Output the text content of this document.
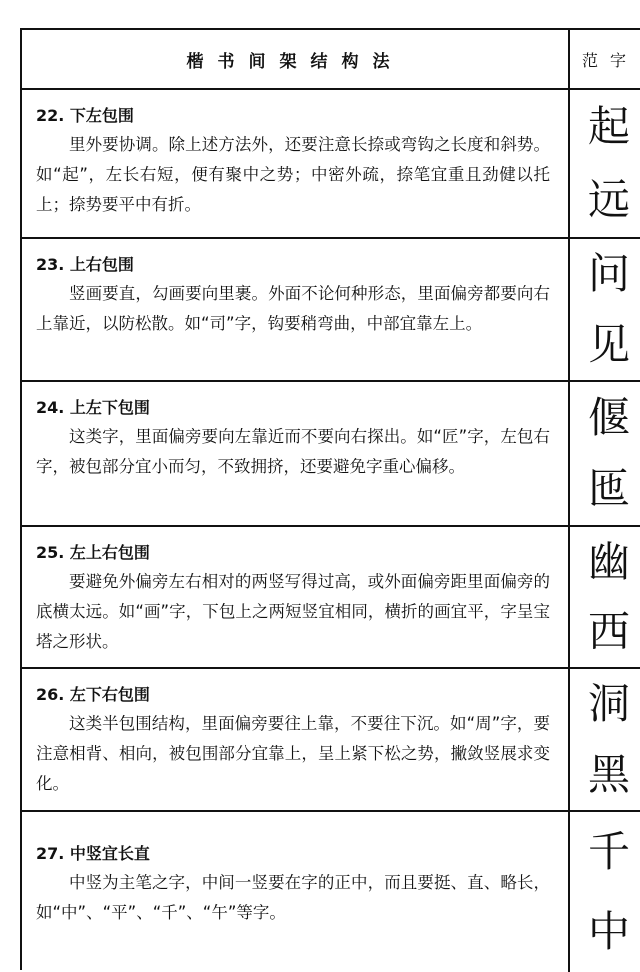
楷书间架结构法	范字
22. 下左包围
里外要协调。除上述方法外，还要注意长捺或弯钩之长度和斜势。如“起”，左长右短，便有聚中之势；中密外疏，捺笔宜重且劲健以托上；捺势要平中有折。
起
远
23. 上右包围
竖画要直，勾画要向里裹。外面不论何种形态，里面偏旁都要向右上靠近，以防松散。如“司”字，钩要稍弯曲，中部宜靠左上。
问
见
24. 上左下包围
这类字，里面偏旁要向左靠近而不要向右探出。如“匠”字，左包右字，被包部分宜小而匀，不致拥挤，还要避免字重心偏移。
偃
匜
25. 左上右包围
要避免外偏旁左右相对的两竖写得过高，或外面偏旁距里面偏旁的底横太远。如“画”字，下包上之两短竖宜相同，横折的画宜平，字呈宝塔之形状。
幽
西
26. 左下右包围
这类半包围结构，里面偏旁要往上靠，不要往下沉。如“周”字，要注意相背、相向，被包围部分宜靠上，呈上紧下松之势，撇敛竖展求变化。
洞
黑
27. 中竖宜长直
中竖为主笔之字，中间一竖要在字的正中，而且要挺、直、略长，如“中”、“平”、“千”、“午”等字。
千
中
